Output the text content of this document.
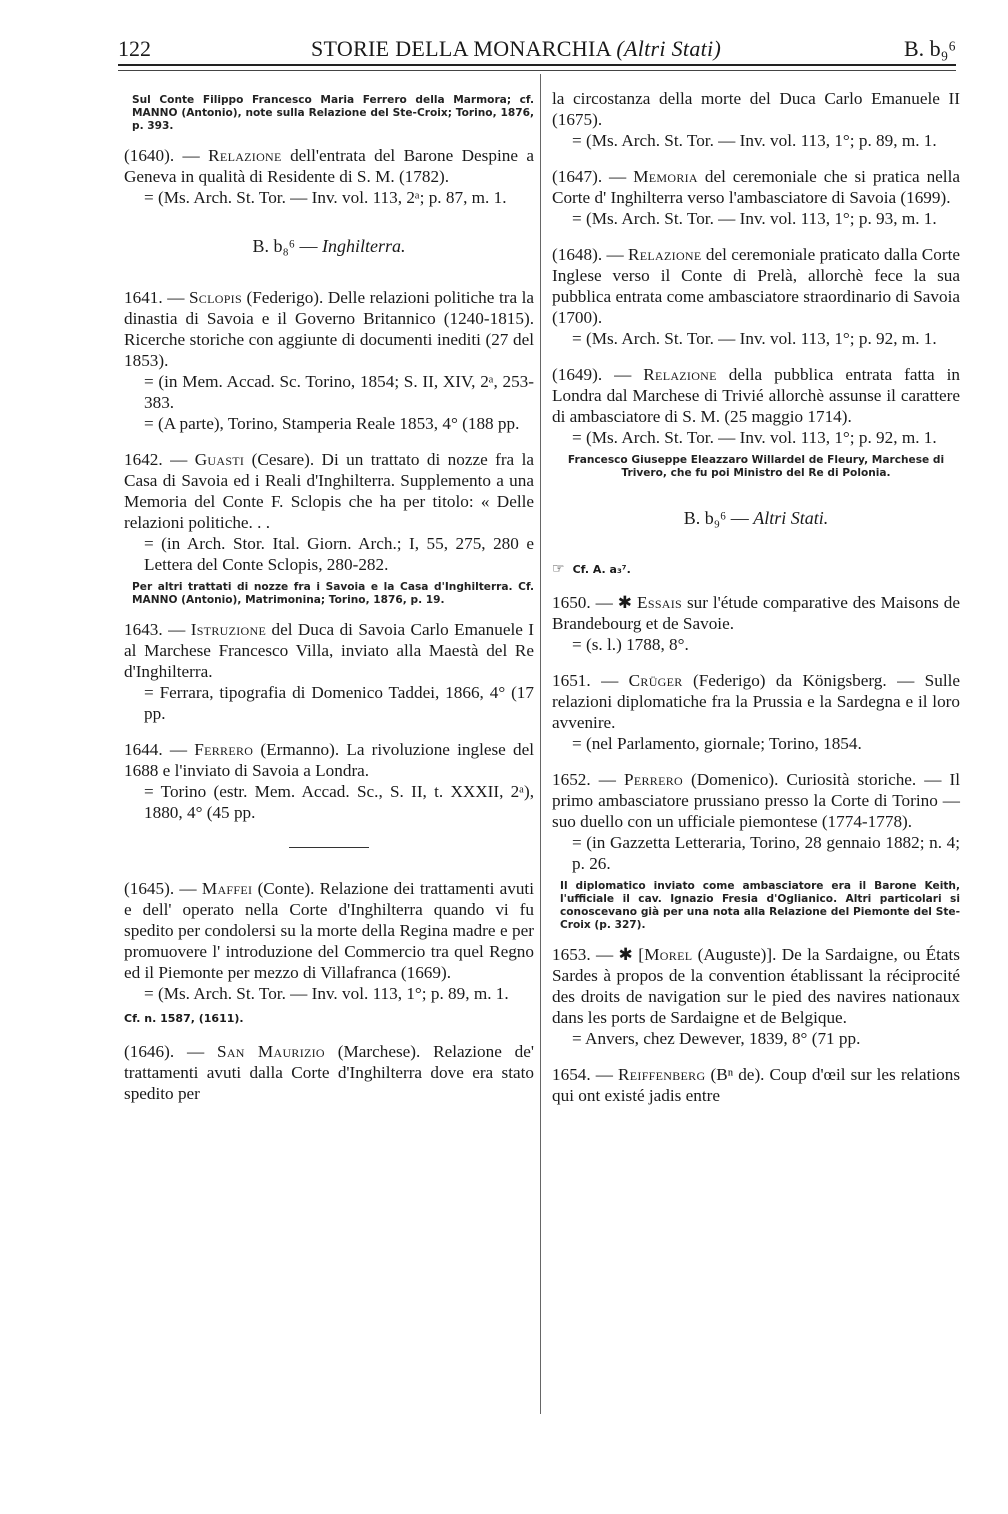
122	STORIE DELLA MONARCHIA (Altri Stati)	B. b₉⁶
Sul Conte Filippo Francesco Maria Ferrero della Marmora; cf. MANNO (Antonio), note sulla Relazione del Ste-Croix; Torino, 1876, p. 393.
(1640). — Relazione dell'entrata del Barone Despine a Geneva in qualità di Residente di S. M. (1782).
= (Ms. Arch. St. Tor. — Inv. vol. 113, 2ᵃ; p. 87, m. 1.
B. b₈⁶ — Inghilterra.
1641. — Sclopis (Federigo). Delle relazioni politiche tra la dinastia di Savoia e il Governo Britannico (1240-1815). Ricerche storiche con aggiunte di documenti inediti (27 del 1853).
= (in Mem. Accad. Sc. Torino, 1854; S. II, XIV, 2ᵃ, 253-383.
= (A parte), Torino, Stamperia Reale 1853, 4° (188 pp.
1642. — Guasti (Cesare). Di un trattato di nozze fra la Casa di Savoia ed i Reali d'Inghilterra. Supplemento a una Memoria del Conte F. Sclopis che ha per titolo: « Delle relazioni politiche. . .
= (in Arch. Stor. Ital. Giorn. Arch.; I, 55, 275, 280 e Lettera del Conte Sclopis, 280-282.
Per altri trattati di nozze fra i Savoia e la Casa d'Inghilterra. Cf. MANNO (Antonio), Matrimonina; Torino, 1876, p. 19.
1643. — Istruzione del Duca di Savoia Carlo Emanuele I al Marchese Francesco Villa, inviato alla Maestà del Re d'Inghilterra.
= Ferrara, tipografia di Domenico Taddei, 1866, 4° (17 pp.
1644. — Ferrero (Ermanno). La rivoluzione inglese del 1688 e l'inviato di Savoia a Londra.
= Torino (estr. Mem. Accad. Sc., S. II, t. XXXII, 2ᵃ), 1880, 4° (45 pp.
(1645). — Maffei (Conte). Relazione dei trattamenti avuti e dell' operato nella Corte d'Inghilterra quando vi fu spedito per condolersi su la morte della Regina madre e per promuovere l' introduzione del Commercio tra quel Regno ed il Piemonte per mezzo di Villafranca (1669).
= (Ms. Arch. St. Tor. — Inv. vol. 113, 1°; p. 89, m. 1.
Cf. n. 1587, (1611).
(1646). — San Maurizio (Marchese). Relazione de' trattamenti avuti dalla Corte d'Inghilterra dove era stato spedito per
la circostanza della morte del Duca Carlo Emanuele II (1675).
= (Ms. Arch. St. Tor. — Inv. vol. 113, 1°; p. 89, m. 1.
(1647). — Memoria del ceremoniale che si pratica nella Corte d' Inghilterra verso l'ambasciatore di Savoia (1699).
= (Ms. Arch. St. Tor. — Inv. vol. 113, 1°; p. 93, m. 1.
(1648). — Relazione del ceremoniale praticato dalla Corte Inglese verso il Conte di Prelà, allorchè fece la sua pubblica entrata come ambasciatore straordinario di Savoia (1700).
= (Ms. Arch. St. Tor. — Inv. vol. 113, 1°; p. 92, m. 1.
(1649). — Relazione della pubblica entrata fatta in Londra dal Marchese di Trivié allorchè assunse il carattere di ambasciatore di S. M. (25 maggio 1714).
= (Ms. Arch. St. Tor. — Inv. vol. 113, 1°; p. 92, m. 1.
Francesco Giuseppe Eleazzaro Willardel de Fleury, Marchese di Trivero, che fu poi Ministro del Re di Polonia.
B. b₉⁶ — Altri Stati.
☞ Cf. A. a₃⁷.
1650. — ✱ Essais sur l'étude comparative des Maisons de Brandebourg et de Savoie.
= (s. l.) 1788, 8°.
1651. — Crüger (Federigo) da Königsberg. — Sulle relazioni diplomatiche fra la Prussia e la Sardegna e il loro avvenire.
= (nel Parlamento, giornale; Torino, 1854.
1652. — Perrero (Domenico). Curiosità storiche. — Il primo ambasciatore prussiano presso la Corte di Torino — suo duello con un ufficiale piemontese (1774-1778).
= (in Gazzetta Letteraria, Torino, 28 gennaio 1882; n. 4; p. 26.
Il diplomatico inviato come ambasciatore era il Barone Keith, l'ufficiale il cav. Ignazio Fresia d'Oglianico. Altri particolari si conoscevano già per una nota alla Relazione del Piemonte del Ste-Croix (p. 327).
1653. — ✱ [Morel (Auguste)]. De la Sardaigne, ou États Sardes à propos de la convention établissant la réciprocité des droits de navigation sur le pied des navires nationaux dans les ports de Sardaigne et de Belgique.
= Anvers, chez Dewever, 1839, 8° (71 pp.
1654. — Reiffenberg (Bⁿ de). Coup d'œil sur les relations qui ont existé jadis entre
